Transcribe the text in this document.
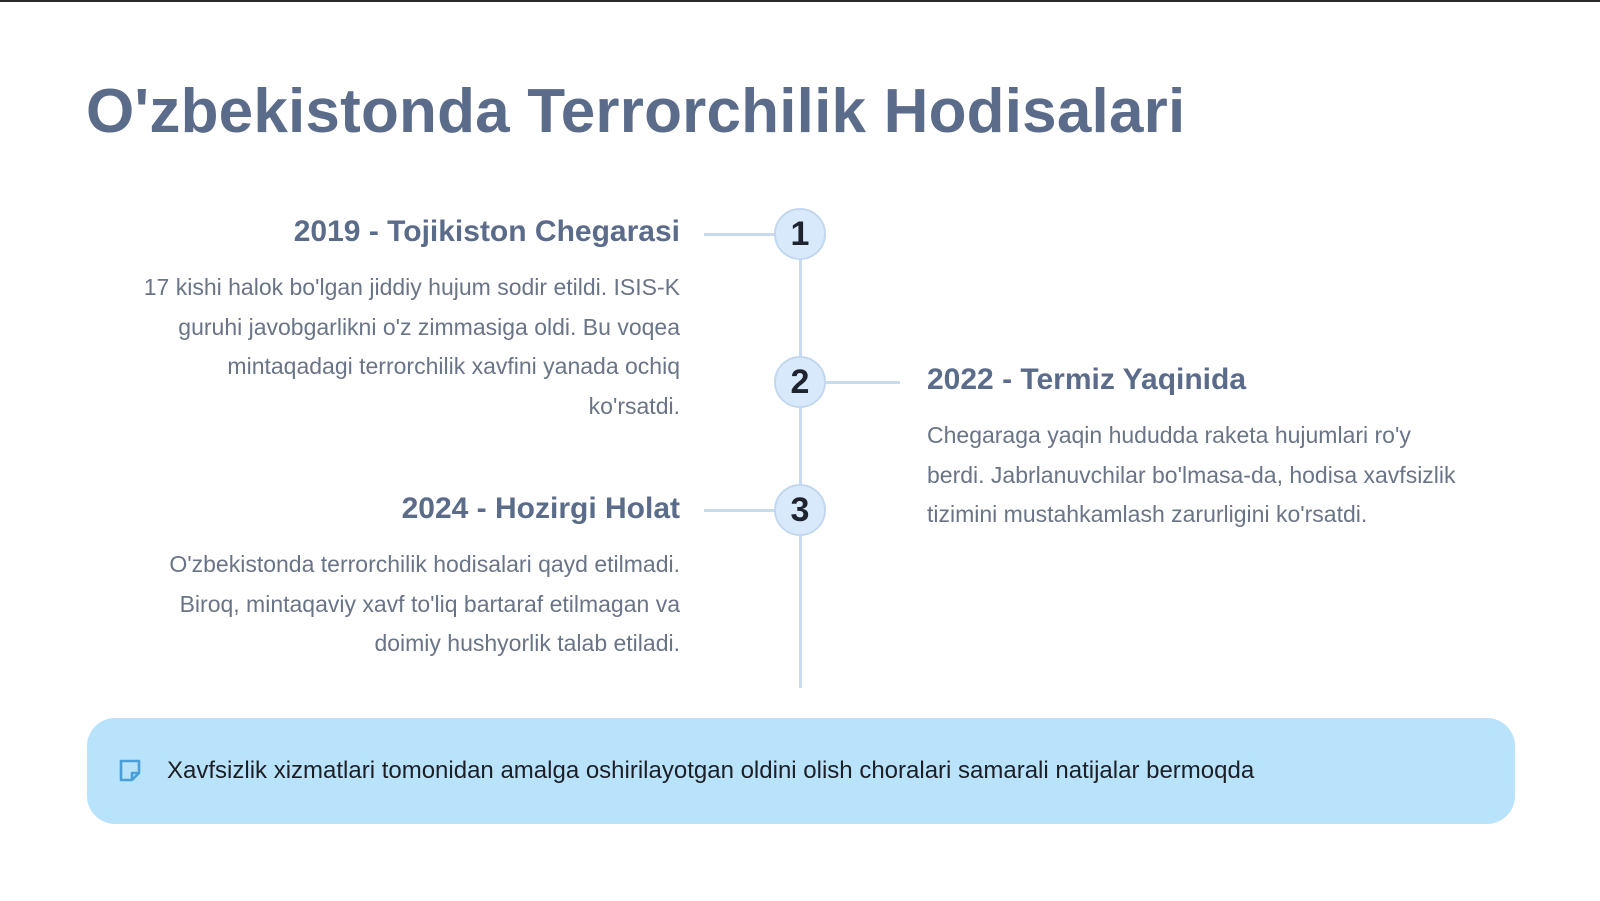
O'zbekistonda Terrorchilik Hodisalari
1
2019 - Tojikiston Chegarasi
17 kishi halok bo'lgan jiddiy hujum sodir etildi. ISIS-K
guruhi javobgarlikni o'z zimmasiga oldi. Bu voqea
mintaqadagi terrorchilik xavfini yanada ochiq
ko'rsatdi.
2	2022 - Termiz Yaqinida
Chegaraga yaqin hududda raketa hujumlari ro'y
berdi. Jabrlanuvchilar bo'lmasa-da, hodisa xavfsizlik
tizimini mustahkamlash zarurligini ko'rsatdi.
3
2024 - Hozirgi Holat
O'zbekistonda terrorchilik hodisalari qayd etilmadi.
Biroq, mintaqaviy xavf to'liq bartaraf etilmagan va
doimiy hushyorlik talab etiladi.
Xavfsizlik xizmatlari tomonidan amalga oshirilayotgan oldini olish choralari samarali natijalar bermoqda
